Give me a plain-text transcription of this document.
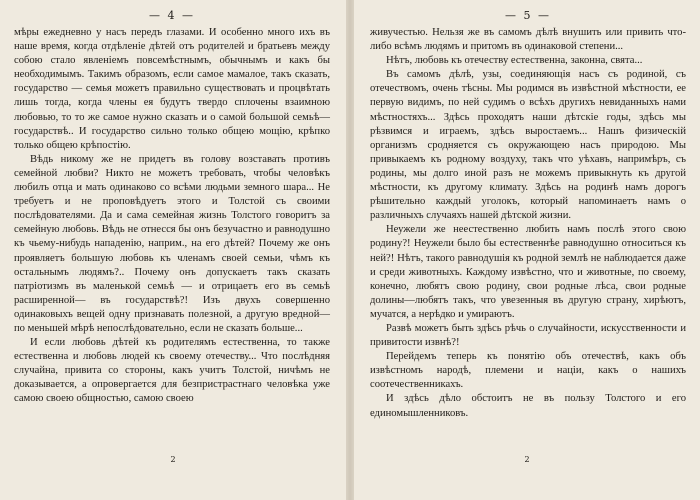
— 4 —

мѣры ежедневно у насъ передъ глазами. И особенно много ихъ въ наше время, когда отдѣленіе дѣтей отъ родителей и братьевъ между собою стало явленіемъ повсемѣстнымъ, обычнымъ и какъ бы необходимымъ. Такимъ образомъ, если самое мамалое, такъ сказать, государство — семья можетъ правильно существовать и процвѣтать лишь тогда, когда члены ея будутъ твердо сплочены взаимною любовью, то то же самое нужно сказать и о самой большой семьѣ—государствѣ.. И государство сильно только общею мощію, крѣпко только общею крѣпостію.

Вѣдь никому же не придетъ въ голову возставать противъ семейной любви? Никто не можетъ требовать, чтобы человѣкъ любилъ отца и мать одинаково со всѣми людьми земного шара... Не требуетъ и не проповѣдуетъ этого и Толстой съ своими послѣдователями. Да и сама семейная жизнь Толстого говоритъ за семейную любовь. Вѣдь не отнесся бы онъ безучастно и равнодушно къ чьему-нибудь нападенію, наприм., на его дѣтей? Почему же онъ проявляетъ большую любовь къ членамъ своей семьи, чѣмъ къ остальнымъ людямъ?.. Почему онъ допускаетъ такъ сказать патріотизмъ въ маленькой семьѣ — и отрицаетъ его въ семьѣ расширенной— въ государствѣ?! Изъ двухъ совершенно одинаковыхъ вещей одну признавать полезной, а другую вредной—по меньшей мѣрѣ непослѣдовательно, если не сказать больше...

И если любовь дѣтей къ родителямъ естественна, то также естественна и любовь людей къ своему отечеству... Что послѣдняя случайна, привита со стороны, какъ учитъ Толстой, ничѣмъ не доказывается, а опровергается для безпристрастнаго человѣка уже самою своею общностью, самою своею

2
— 5 —

живучестью. Нельзя же въ самомъ дѣлѣ внушить или привить что-либо всѣмъ людямъ и притомъ въ одинаковой степени...

Нѣтъ, любовь къ отечеству естественна, законна, свята...

Въ самомъ дѣлѣ, узы, соединяющія насъ съ родиной, съ отечествомъ, очень тѣсны. Мы родимся въ извѣстной мѣстности, ее первую видимъ, по ней судимъ о всѣхъ другихъ невиданныхъ нами мѣстностяхъ... Здѣсь проходятъ наши дѣтскіе годы, здѣсь мы рѣзвимся и играемъ, здѣсь выростаемъ... Нашъ физическій организмъ сродняется съ окружающею насъ природою. Мы привыкаемъ къ родному воздуху, такъ что уѣхавъ, напримѣръ, съ родины, мы долго иной разъ не можемъ привыкнуть къ другой мѣстности, къ другому климату. Здѣсь на родинѣ намъ дорогъ рѣшительно каждый уголокъ, который напоминаетъ намъ о различныхъ случаяхъ нашей дѣтской жизни.

Неужели же неестественно любить намъ послѣ этого свою родину?! Неужели было бы естественнѣе равнодушно относиться къ ней?! Нѣтъ, такого равнодушія къ родной землѣ не наблюдается даже и среди животныхъ. Каждому извѣстно, что и животные, по своему, конечно, любятъ свою родину, свои родные лѣса, свои родные долины—любятъ такъ, что увезенныя въ другую страну, хирѣютъ, мучатся, а нерѣдко и умираютъ.

Развѣ можетъ быть здѣсь рѣчь о случайности, искусственности и привитости извнѣ?!

Перейдемъ теперь къ понятію объ отечествѣ, какъ объ извѣстномъ народѣ, племени и націи, какъ о нашихъ соотечественникахъ.

И здѣсь дѣло обстоитъ не въ пользу Толстого и его единомышленниковъ.

2
